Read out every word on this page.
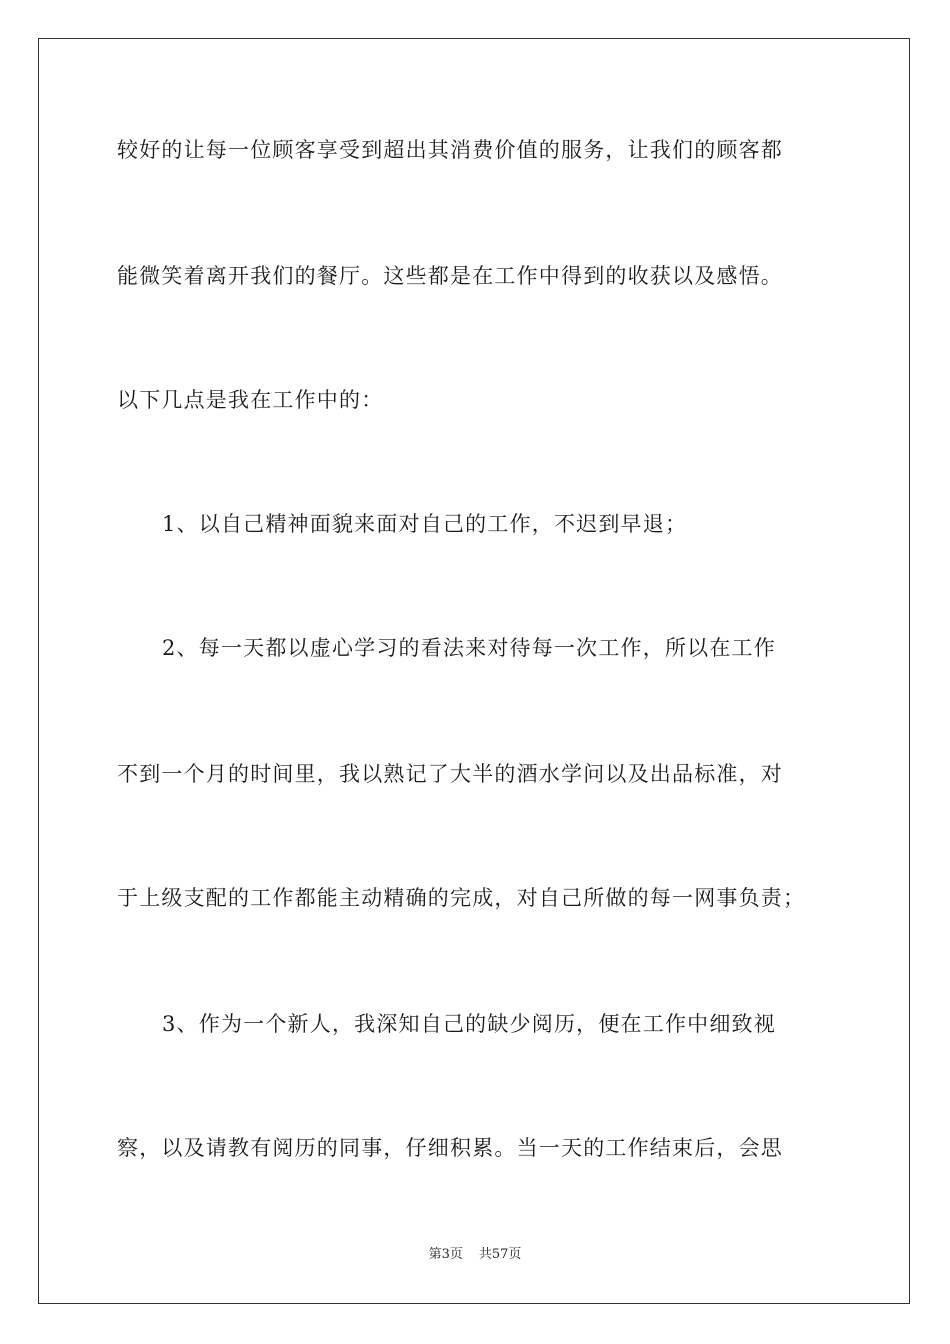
较好的让每一位顾客享受到超出其消费价值的服务，让我们的顾客都
能微笑着离开我们的餐厅。这些都是在工作中得到的收获以及感悟。
以下几点是我在工作中的：
1、以自己精神面貌来面对自己的工作，不迟到早退；
2、每一天都以虚心学习的看法来对待每一次工作，所以在工作
不到一个月的时间里，我以熟记了大半的酒水学问以及出品标准，对
于上级支配的工作都能主动精确的完成，对自己所做的每一网事负责；
3、作为一个新人，我深知自己的缺少阅历，便在工作中细致视
察，以及请教有阅历的同事，仔细积累。当一天的工作结束后，会思
第3页 共57页
